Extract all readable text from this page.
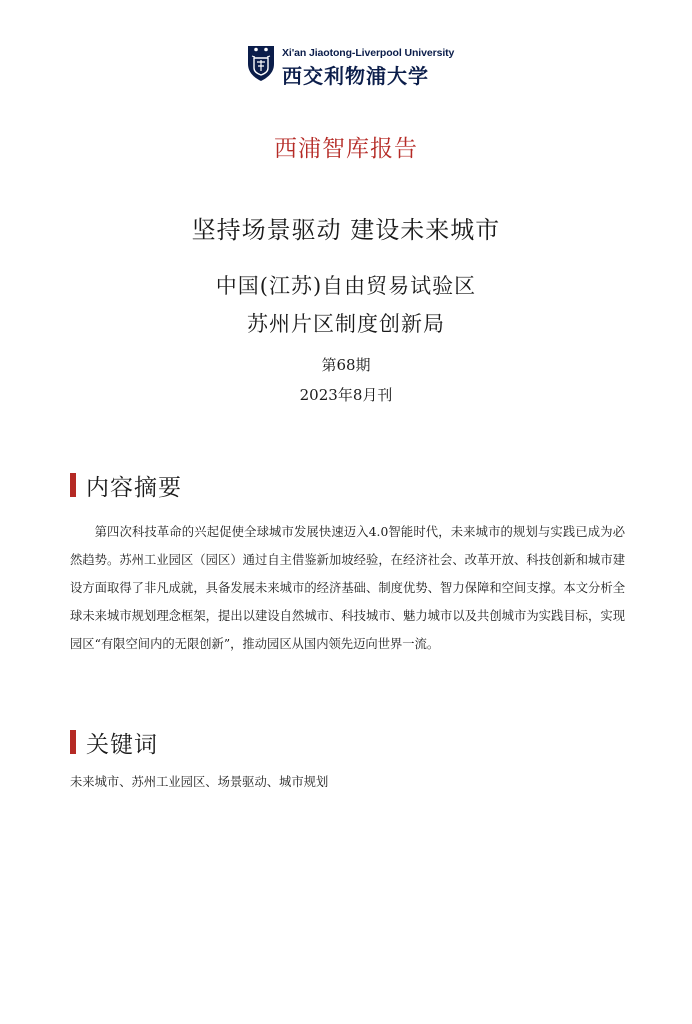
Xi'an Jiaotong-Liverpool University
西交利物浦大学
西浦智库报告
坚持场景驱动 建设未来城市
中国(江苏)自由贸易试验区
苏州片区制度创新局
第68期
2023年8月刊
内容摘要
第四次科技革命的兴起促使全球城市发展快速迈入4.0智能时代，未来城市的规划与实践已成为必然趋势。苏州工业园区（园区）通过自主借鉴新加坡经验，在经济社会、改革开放、科技创新和城市建设方面取得了非凡成就，具备发展未来城市的经济基础、制度优势、智力保障和空间支撑。本文分析全球未来城市规划理念框架，提出以建设自然城市、科技城市、魅力城市以及共创城市为实践目标，实现园区“有限空间内的无限创新”，推动园区从国内领先迈向世界一流。
关键词
未来城市、苏州工业园区、场景驱动、城市规划
